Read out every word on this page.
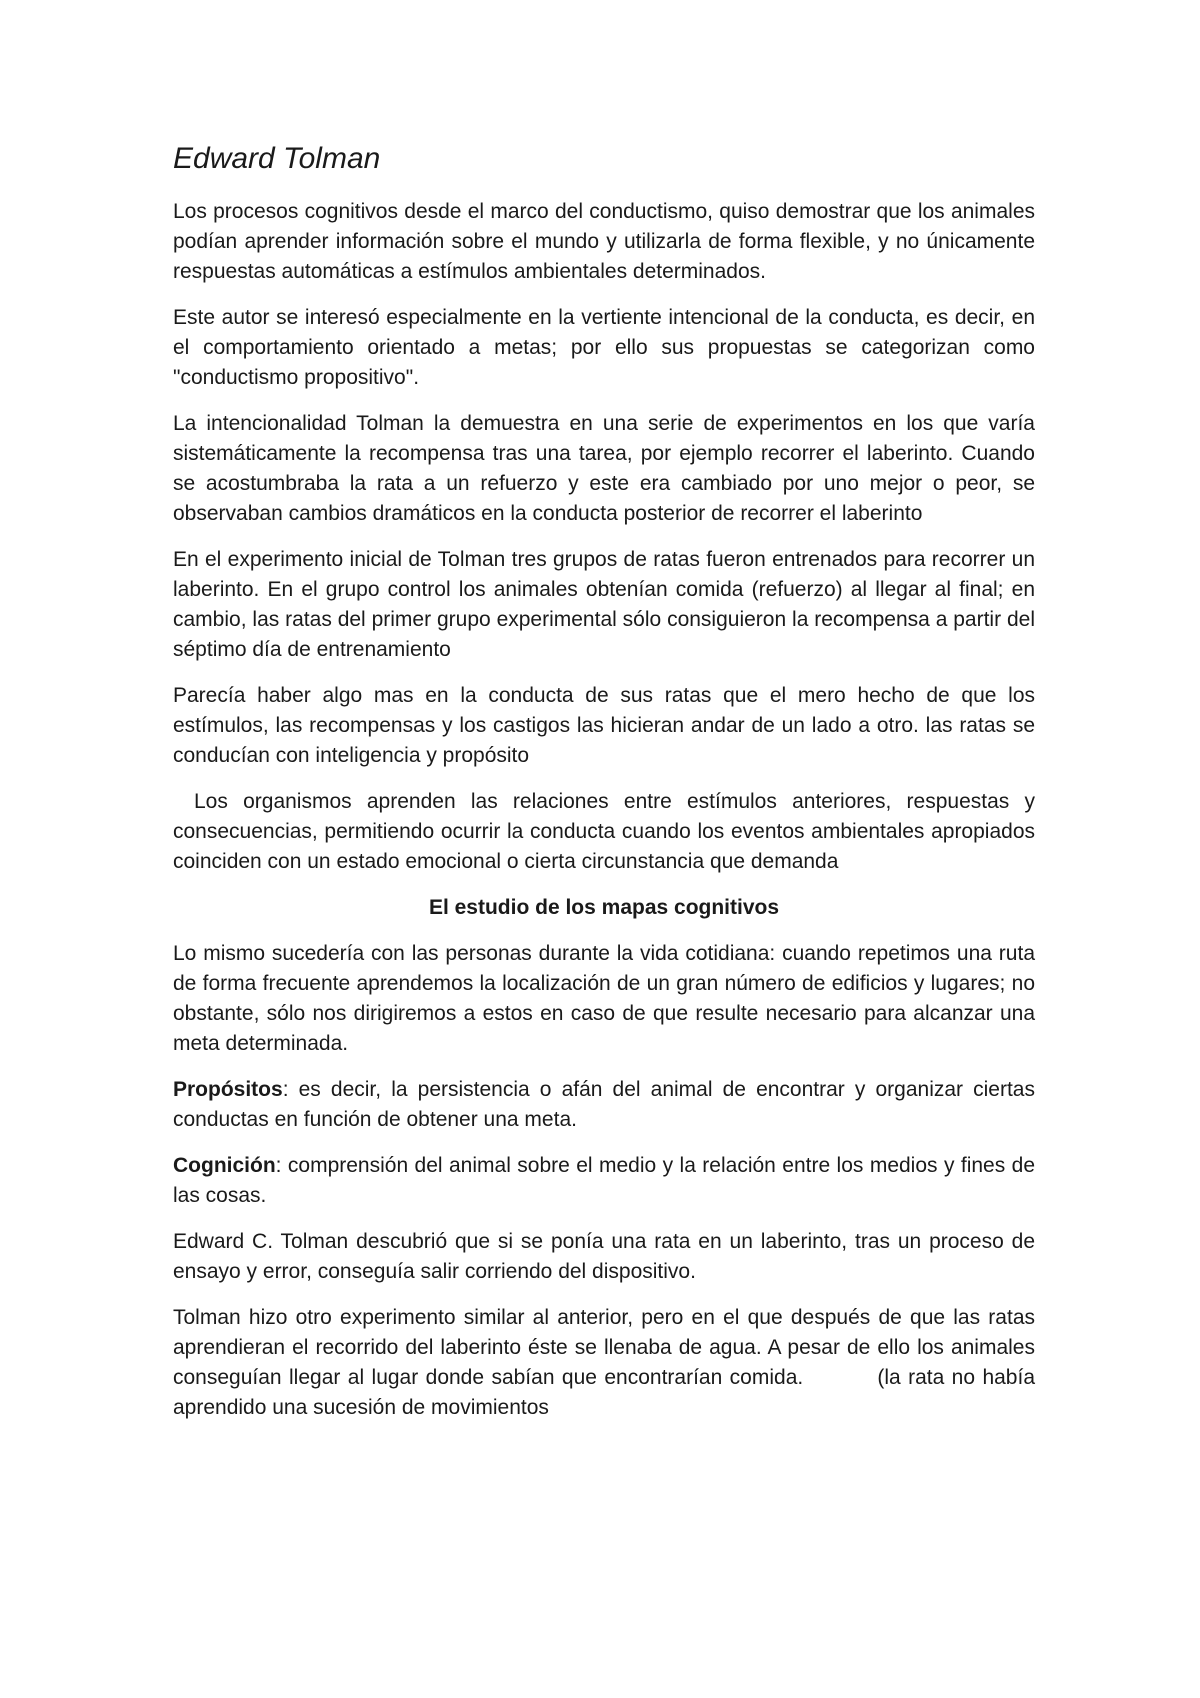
Edward Tolman

Los procesos cognitivos desde el marco del conductismo, quiso demostrar que los animales podían aprender información sobre el mundo y utilizarla de forma flexible, y no únicamente respuestas automáticas a estímulos ambientales determinados.

Este autor se interesó especialmente en la vertiente intencional de la conducta, es decir, en el comportamiento orientado a metas; por ello sus propuestas se categorizan como "conductismo propositivo".

La intencionalidad Tolman la demuestra en una serie de experimentos en los que varía sistemáticamente la recompensa tras una tarea, por ejemplo recorrer el laberinto. Cuando se acostumbraba la rata a un refuerzo y este era cambiado por uno mejor o peor, se observaban cambios dramáticos en la conducta posterior de recorrer el laberinto

En el experimento inicial de Tolman tres grupos de ratas fueron entrenados para recorrer un laberinto. En el grupo control los animales obtenían comida (refuerzo) al llegar al final; en cambio, las ratas del primer grupo experimental sólo consiguieron la recompensa a partir del séptimo día de entrenamiento

Parecía haber algo mas en la conducta de sus ratas que el mero hecho de que los estímulos, las recompensas y los castigos las hicieran andar de un lado a otro. las ratas se conducían con inteligencia y propósito

Los organismos aprenden las relaciones entre estímulos anteriores, respuestas y consecuencias, permitiendo ocurrir la conducta cuando los eventos ambientales apropiados coinciden con un estado emocional o cierta circunstancia que demanda

El estudio de los mapas cognitivos

Lo mismo sucedería con las personas durante la vida cotidiana: cuando repetimos una ruta de forma frecuente aprendemos la localización de un gran número de edificios y lugares; no obstante, sólo nos dirigiremos a estos en caso de que resulte necesario para alcanzar una meta determinada.

Propósitos: es decir, la persistencia o afán del animal de encontrar y organizar ciertas conductas en función de obtener una meta.

Cognición: comprensión del animal sobre el medio y la relación entre los medios y fines de las cosas.

Edward C. Tolman descubrió que si se ponía una rata en un laberinto, tras un proceso de ensayo y error, conseguía salir corriendo del dispositivo.

Tolman hizo otro experimento similar al anterior, pero en el que después de que las ratas aprendieran el recorrido del laberinto éste se llenaba de agua. A pesar de ello los animales conseguían llegar al lugar donde sabían que encontrarían comida.          (la rata no había aprendido una sucesión de movimientos
